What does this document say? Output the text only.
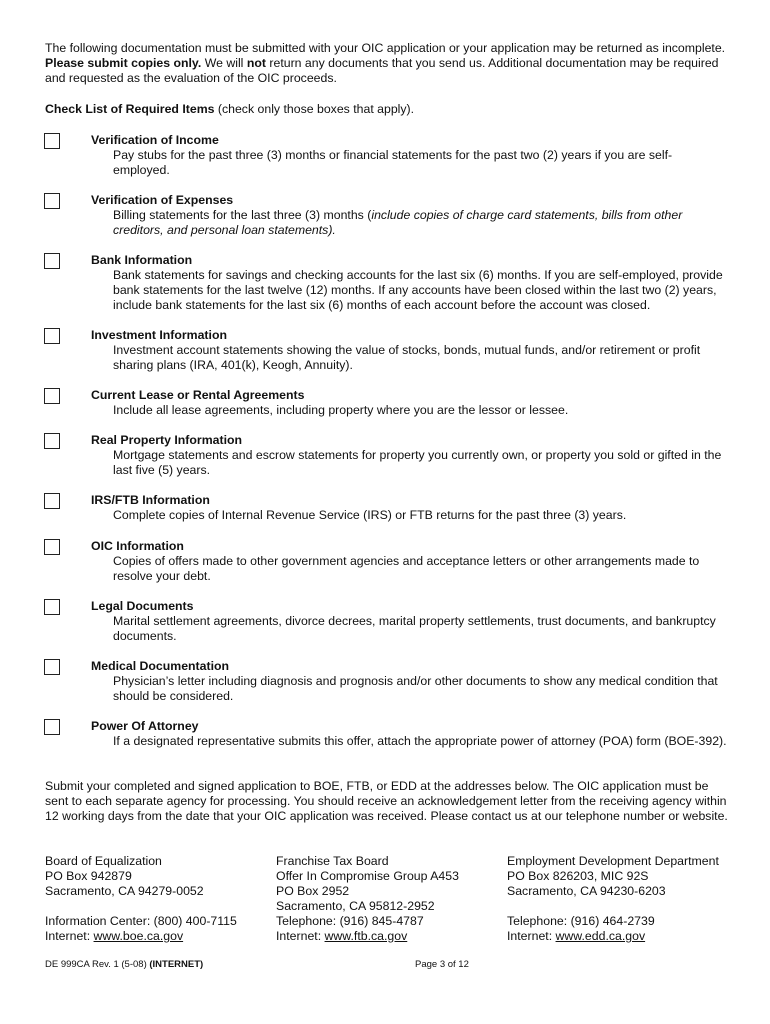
The following documentation must be submitted with your OIC application or your application may be returned as incomplete. Please submit copies only. We will not return any documents that you send us. Additional documentation may be required and requested as the evaluation of the OIC proceeds.
Check List of Required Items (check only those boxes that apply).
Verification of Income
Pay stubs for the past three (3) months or financial statements for the past two (2) years if you are self-employed.
Verification of Expenses
Billing statements for the last three (3) months (include copies of charge card statements, bills from other creditors, and personal loan statements).
Bank Information
Bank statements for savings and checking accounts for the last six (6) months. If you are self-employed, provide bank statements for the last twelve (12) months. If any accounts have been closed within the last two (2) years, include bank statements for the last six (6) months of each account before the account was closed.
Investment Information
Investment account statements showing the value of stocks, bonds, mutual funds, and/or retirement or profit sharing plans (IRA, 401(k), Keogh, Annuity).
Current Lease or Rental Agreements
Include all lease agreements, including property where you are the lessor or lessee.
Real Property Information
Mortgage statements and escrow statements for property you currently own, or property you sold or gifted in the last five (5) years.
IRS/FTB Information
Complete copies of Internal Revenue Service (IRS) or FTB returns for the past three (3) years.
OIC Information
Copies of offers made to other government agencies and acceptance letters or other arrangements made to resolve your debt.
Legal Documents
Marital settlement agreements, divorce decrees, marital property settlements, trust documents, and bankruptcy documents.
Medical Documentation
Physician’s letter including diagnosis and prognosis and/or other documents to show any medical condition that should be considered.
Power Of Attorney
If a designated representative submits this offer, attach the appropriate power of attorney (POA) form (BOE-392).
Submit your completed and signed application to BOE, FTB, or EDD at the addresses below. The OIC application must be sent to each separate agency for processing. You should receive an acknowledgement letter from the receiving agency within 12 working days from the date that your OIC application was received. Please contact us at our telephone number or website.
Board of Equalization
PO Box 942879
Sacramento, CA 94279-0052

Information Center: (800) 400-7115
Internet: www.boe.ca.gov
Franchise Tax Board
Offer In Compromise Group A453
PO Box 2952
Sacramento, CA 95812-2952
Telephone: (916) 845-4787
Internet: www.ftb.ca.gov
Employment Development Department
PO Box 826203, MIC 92S
Sacramento, CA 94230-6203

Telephone: (916) 464-2739
Internet: www.edd.ca.gov
DE 999CA Rev. 1 (5-08) (INTERNET)	Page 3 of 12
